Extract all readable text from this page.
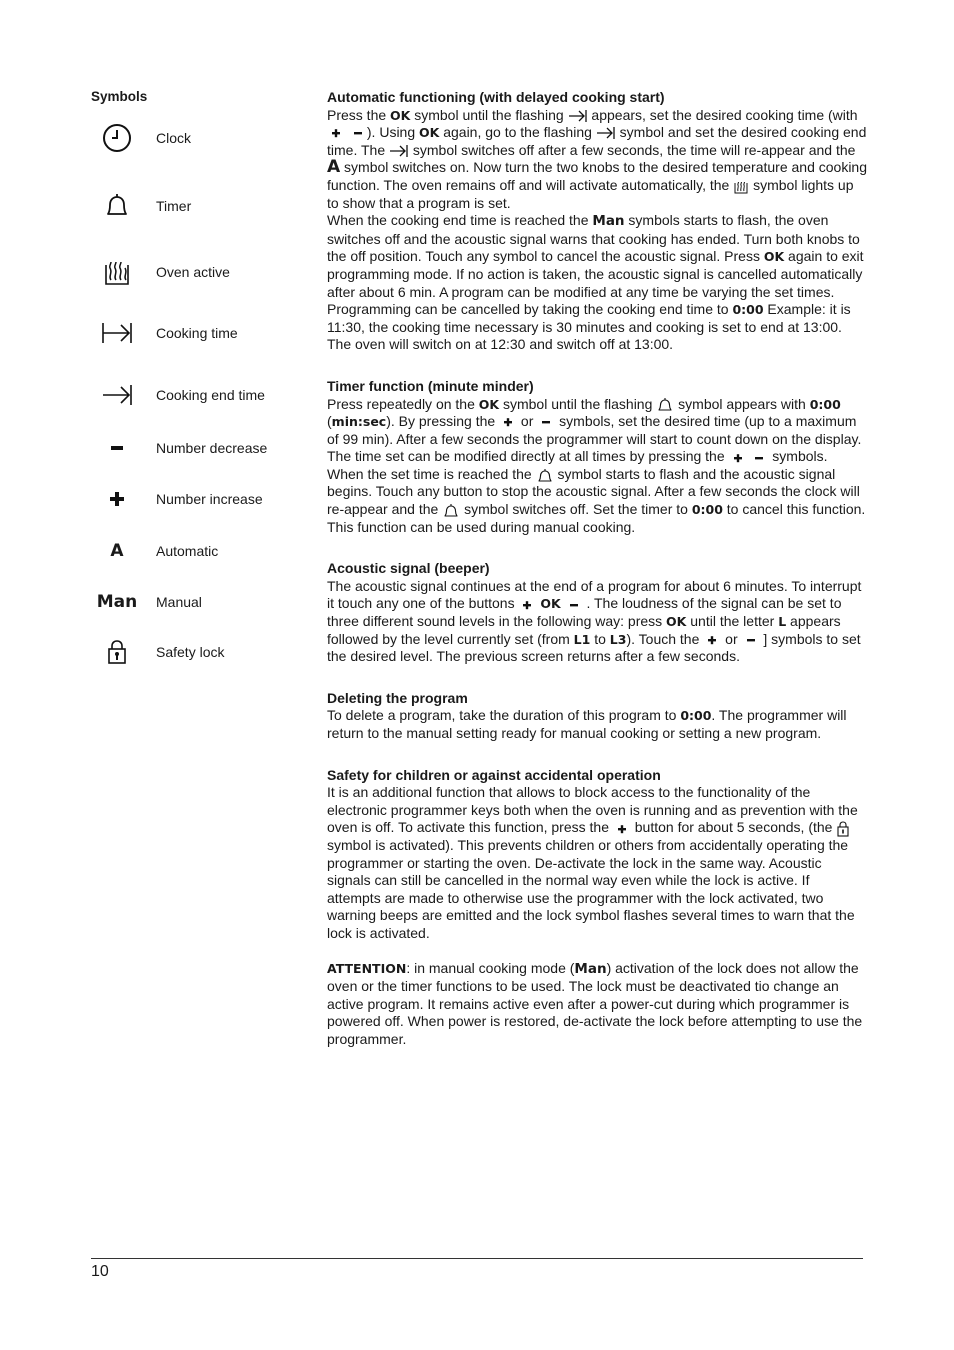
Symbols
Clock
Timer
Oven active
Cooking time
Cooking end time
Number decrease
Number increase
A Automatic
Man Manual
Safety lock

Automatic functioning (with delayed cooking start)

Press the OK symbol until the flashing  appears, set the desired cooking time (with  ). Using OK again, go to the flashing  symbol and set the desired cooking end time. The  symbol switches off after a few seconds, the time will re-appear and the A symbol switches on. Now turn the two knobs to the desired temperature and cooking function. The oven remains off and will activate automatically, the  symbol lights up to show that a program is set.

When the cooking end time is reached the Man symbols starts to flash, the oven switches off and the acoustic signal warns that cooking has ended. Turn both knobs to the off position. Touch any symbol to cancel the acoustic signal. Press OK again to exit programming mode. If no action is taken, the acoustic signal is cancelled automatically after about 6 min. A program can be modified at any time be varying the set times. Programming can be cancelled by taking the cooking end time to 0:00 Example: it is 11:30, the cooking time necessary is 30 minutes and cooking is set to end at 13:00. The oven will switch on at 12:30 and switch off at 13:00.

Timer function (minute minder)

Press repeatedly on the OK symbol until the flashing  symbol appears with 0:00 (min:sec). By pressing the  or  symbols, set the desired time (up to a maximum of 99 min). After a few seconds the programmer will start to count down on the display. The time set can be modified directly at all times by pressing the	symbols. When the set time is reached the  symbol starts to flash and the acoustic signal begins. Touch any button to stop the acoustic signal. After a few seconds the clock will re-appear and the  symbol switches off. Set the timer to 0:00 to cancel this function. This function can be used during manual cooking.

Acoustic signal (beeper)

The acoustic signal continues at the end of a program for about 6 minutes. To interrupt it touch any one of the buttons  OK  . The loudness of the signal can be set to three different sound levels in the following way: press OK until the letter L appears followed by the level currently set (from L1 to L3). Touch the  or  ] symbols to set the desired level. The previous screen returns after a few seconds.

Deleting the program

To delete a program, take the duration of this program to 0:00. The programmer will return to the manual setting ready for manual cooking or setting a new program.

Safety for children or against accidental operation

It is an additional function that allows to block access to the functionality of the electronic programmer keys both when the oven is running and as prevention with the oven is off. To activate this function, press the  button for about 5 seconds, (the  symbol is activated). This prevents children or others from accidentally operating the programmer or starting the oven. De-activate the lock in the same way. Acoustic signals can still be cancelled in the normal way even while the lock is active. If attempts are made to otherwise use the programmer with the lock activated, two warning beeps are emitted and the lock symbol flashes several times to warn that the lock is activated.

ATTENTION: in manual cooking mode (Man) activation of the lock does not allow the oven or the timer functions to be used. The lock must be deactivated tio change an active program. It remains active even after a power-cut during which programmer is powered off. When power is restored, de-activate the lock before attempting to use the programmer.

10
